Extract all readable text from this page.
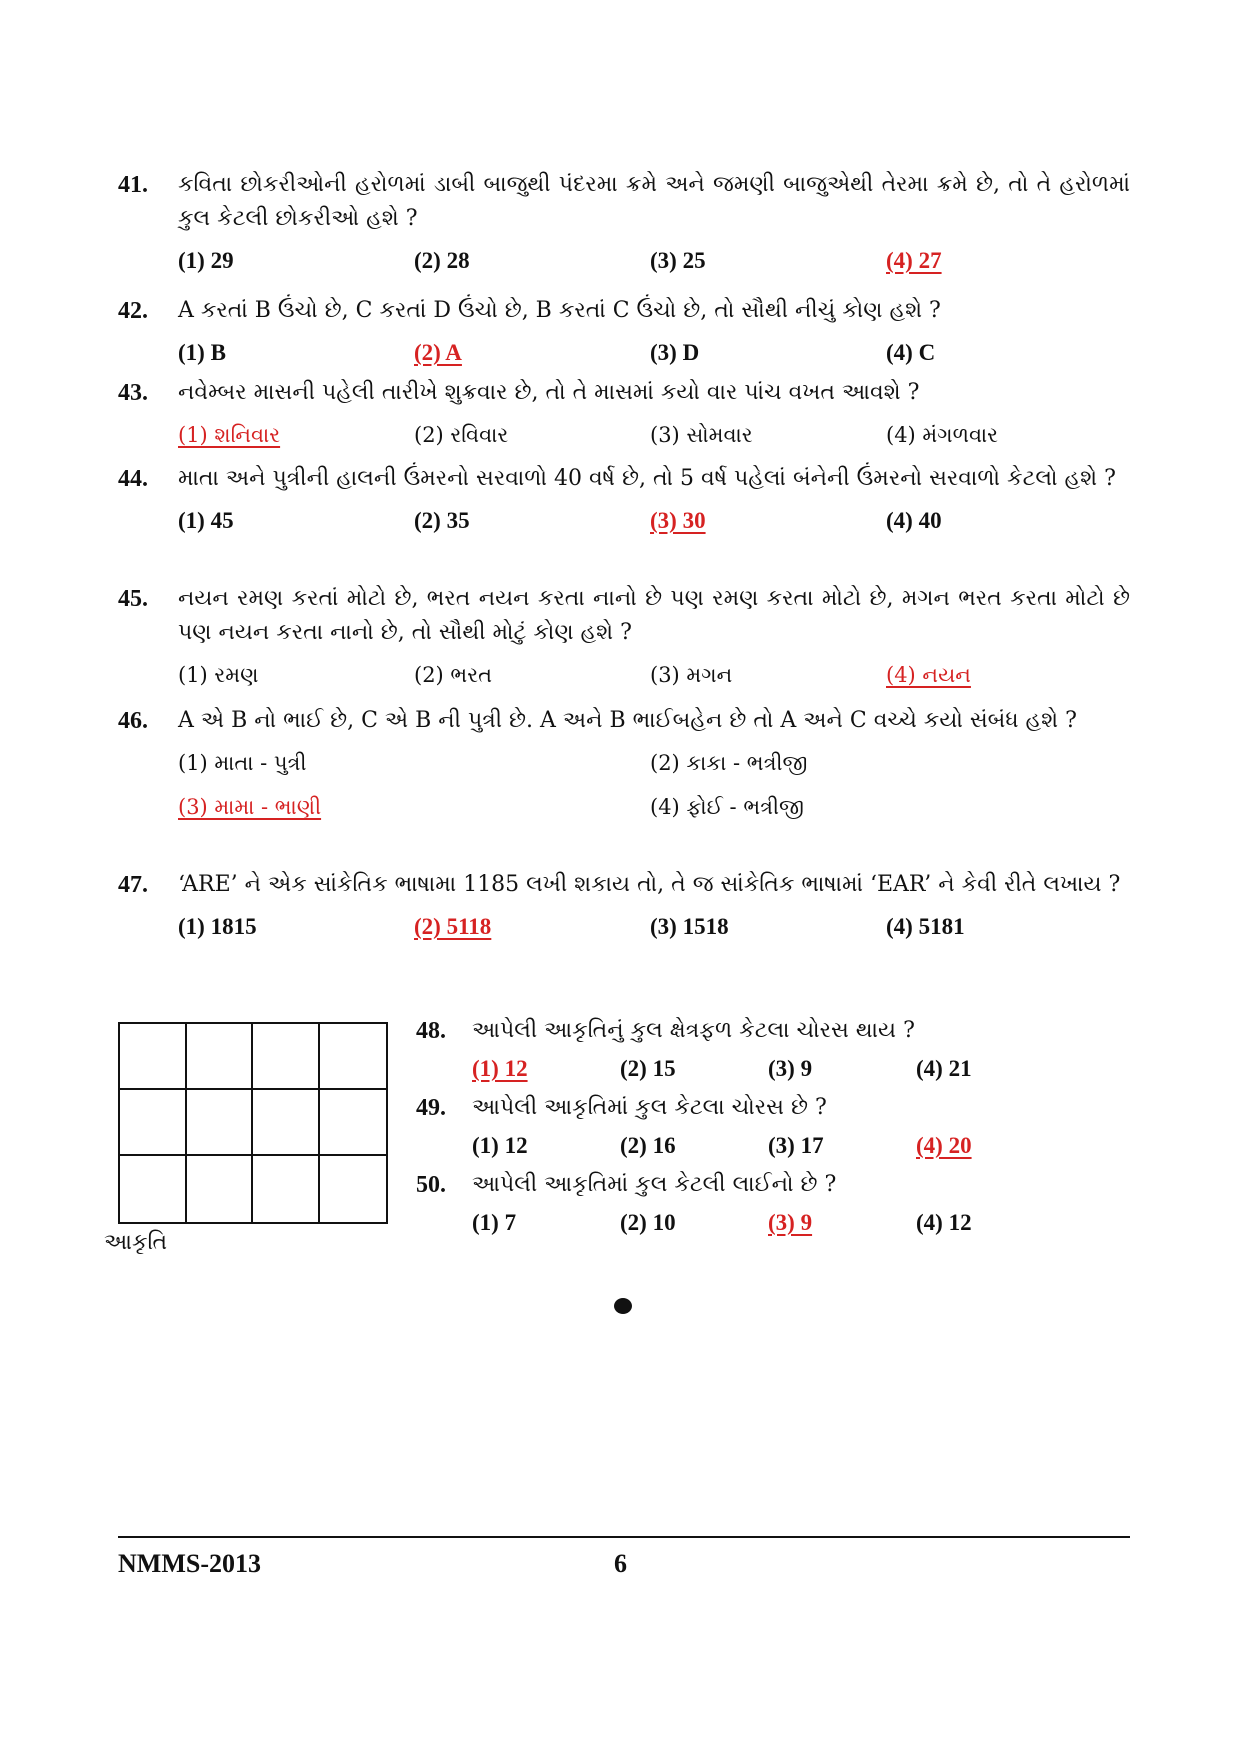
41.	કવિતા છોકરીઓની હરોળમાં ડાબી બાજુથી પંદરમા ક્રમે અને જમણી બાજુએથી તેરમા ક્રમે છે, તો તે હરોળમાં કુલ કેટલી છોકરીઓ હશે ?
(1) 29	(2) 28	(3) 25	(4) 27
42.	A કરતાં B ઉંચો છે, C કરતાં D ઉંચો છે, B કરતાં C ઉંચો છે, તો સૌથી નીચું કોણ હશે ?
(1) B	(2) A	(3) D	(4) C
43.	નવેમ્બર માસની પહેલી તારીખે શુક્રવાર છે, તો તે માસમાં કયો વાર પાંચ વખત આવશે ?
(1) શનિવાર	(2) રવિવાર	(3) સોમવાર	(4) મંગળવાર
44.	માતા અને પુત્રીની હાલની ઉંમરનો સરવાળો 40 વર્ષ છે, તો 5 વર્ષ પહેલાં બંનેની ઉંમરનો સરવાળો કેટલો હશે ?
(1) 45	(2) 35	(3) 30	(4) 40
45.	નયન રમણ કરતાં મોટો છે, ભરત નયન કરતા નાનો છે પણ રમણ કરતા મોટો છે, મગન ભરત કરતા મોટો છે પણ નયન કરતા નાનો છે, તો સૌથી મોટું કોણ હશે ?
(1) રમણ	(2) ભરત	(3) મગન	(4) નયન
46.	A એ B નો ભાઈ છે, C એ B ની પુત્રી છે. A અને B ભાઈબહેન છે તો A અને C વચ્ચે કયો સંબંધ હશે ?
(1) માતા - પુત્રી	(2) કાકા - ભત્રીજી
(3) મામા - ભાણી	(4) ફોઈ - ભત્રીજી
47.	‘ARE’ ને એક સાંકેતિક ભાષામા 1185 લખી શકાય તો, તે જ સાંકેતિક ભાષામાં ‘EAR’ ને કેવી રીતે લખાય ?
(1) 1815	(2) 5118	(3) 1518	(4) 5181
આકૃતિ
48.	આપેલી આકૃતિનું કુલ ક્ષેત્રફળ કેટલા ચોરસ થાય ?
(1) 12	(2) 15	(3) 9	(4) 21
49.	આપેલી આકૃતિમાં કુલ કેટલા ચોરસ છે ?
(1) 12	(2) 16	(3) 17	(4) 20
50.	આપેલી આકૃતિમાં કુલ કેટલી લાઈનો છે ?
(1) 7	(2) 10	(3) 9	(4) 12
NMMS-2013	6
